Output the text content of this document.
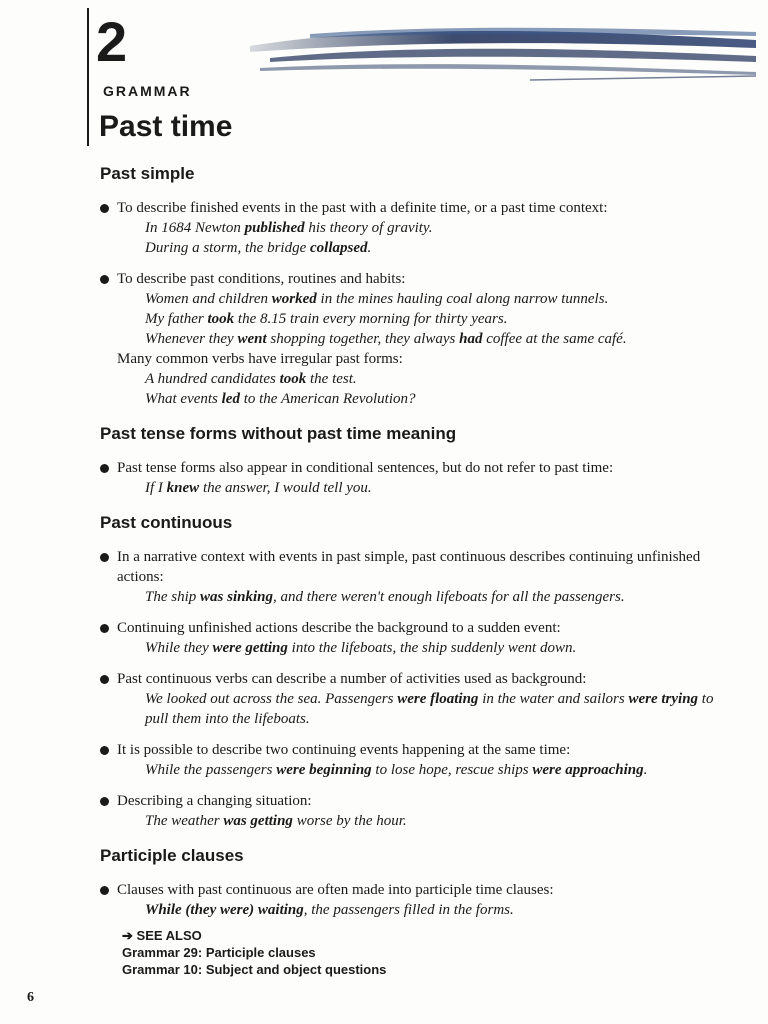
2
GRAMMAR
Past time
Past simple
To describe finished events in the past with a definite time, or a past time context:
In 1684 Newton published his theory of gravity.
During a storm, the bridge collapsed.
To describe past conditions, routines and habits:
Women and children worked in the mines hauling coal along narrow tunnels.
My father took the 8.15 train every morning for thirty years.
Whenever they went shopping together, they always had coffee at the same café.
Many common verbs have irregular past forms:
A hundred candidates took the test.
What events led to the American Revolution?
Past tense forms without past time meaning
Past tense forms also appear in conditional sentences, but do not refer to past time:
If I knew the answer, I would tell you.
Past continuous
In a narrative context with events in past simple, past continuous describes continuing unfinished actions:
The ship was sinking, and there weren't enough lifeboats for all the passengers.
Continuing unfinished actions describe the background to a sudden event:
While they were getting into the lifeboats, the ship suddenly went down.
Past continuous verbs can describe a number of activities used as background:
We looked out across the sea. Passengers were floating in the water and sailors were trying to pull them into the lifeboats.
It is possible to describe two continuing events happening at the same time:
While the passengers were beginning to lose hope, rescue ships were approaching.
Describing a changing situation:
The weather was getting worse by the hour.
Participle clauses
Clauses with past continuous are often made into participle time clauses:
While (they were) waiting, the passengers filled in the forms.
➔ SEE ALSO
Grammar 29: Participle clauses
Grammar 10: Subject and object questions
6
